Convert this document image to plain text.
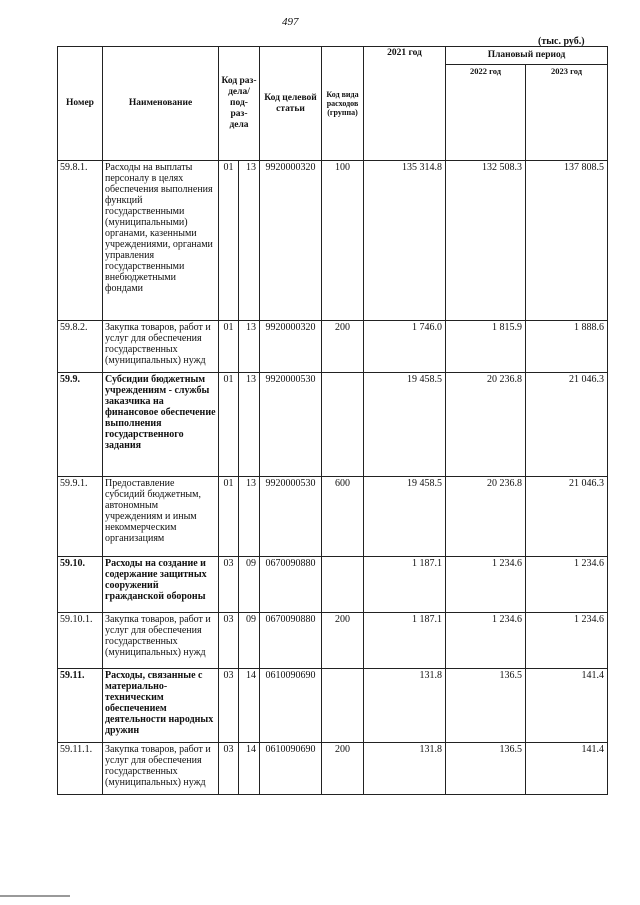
497
(тыс. руб.)
Номер	Наименование	Код раз- дела/ под- раз- дела		Код целевой статьи	Код вида расходов (группа)	2021 год	Плановый период	
							2022 год	2023 год
59.8.1.	Расходы на выплаты персоналу в целях обеспечения выполнения функций государственными (муниципальными) органами, казенными учреждениями, органами управления государственными внебюджетными фондами	01	13	9920000320	100	135 314.8	132 508.3	137 808.5
59.8.2.	Закупка товаров, работ и услуг для обеспечения государственных (муниципальных) нужд	01	13	9920000320	200	1 746.0	1 815.9	1 888.6
59.9.	Субсидии бюджетным учреждениям - службы заказчика на финансовое обеспечение выполнения государственного задания	01	13	9920000530		19 458.5	20 236.8	21 046.3
59.9.1.	Предоставление субсидий бюджетным, автономным учреждениям и иным некоммерческим организациям	01	13	9920000530	600	19 458.5	20 236.8	21 046.3
59.10.	Расходы на создание и содержание защитных сооружений гражданской обороны	03	09	0670090880		1 187.1	1 234.6	1 234.6
59.10.1.	Закупка товаров, работ и услуг для обеспечения государственных (муниципальных) нужд	03	09	0670090880	200	1 187.1	1 234.6	1 234.6
59.11.	Расходы, связанные с материально-техническим обеспечением деятельности народных дружин	03	14	0610090690		131.8	136.5	141.4
59.11.1.	Закупка товаров, работ и услуг для обеспечения государственных (муниципальных) нужд	03	14	0610090690	200	131.8	136.5	141.4
